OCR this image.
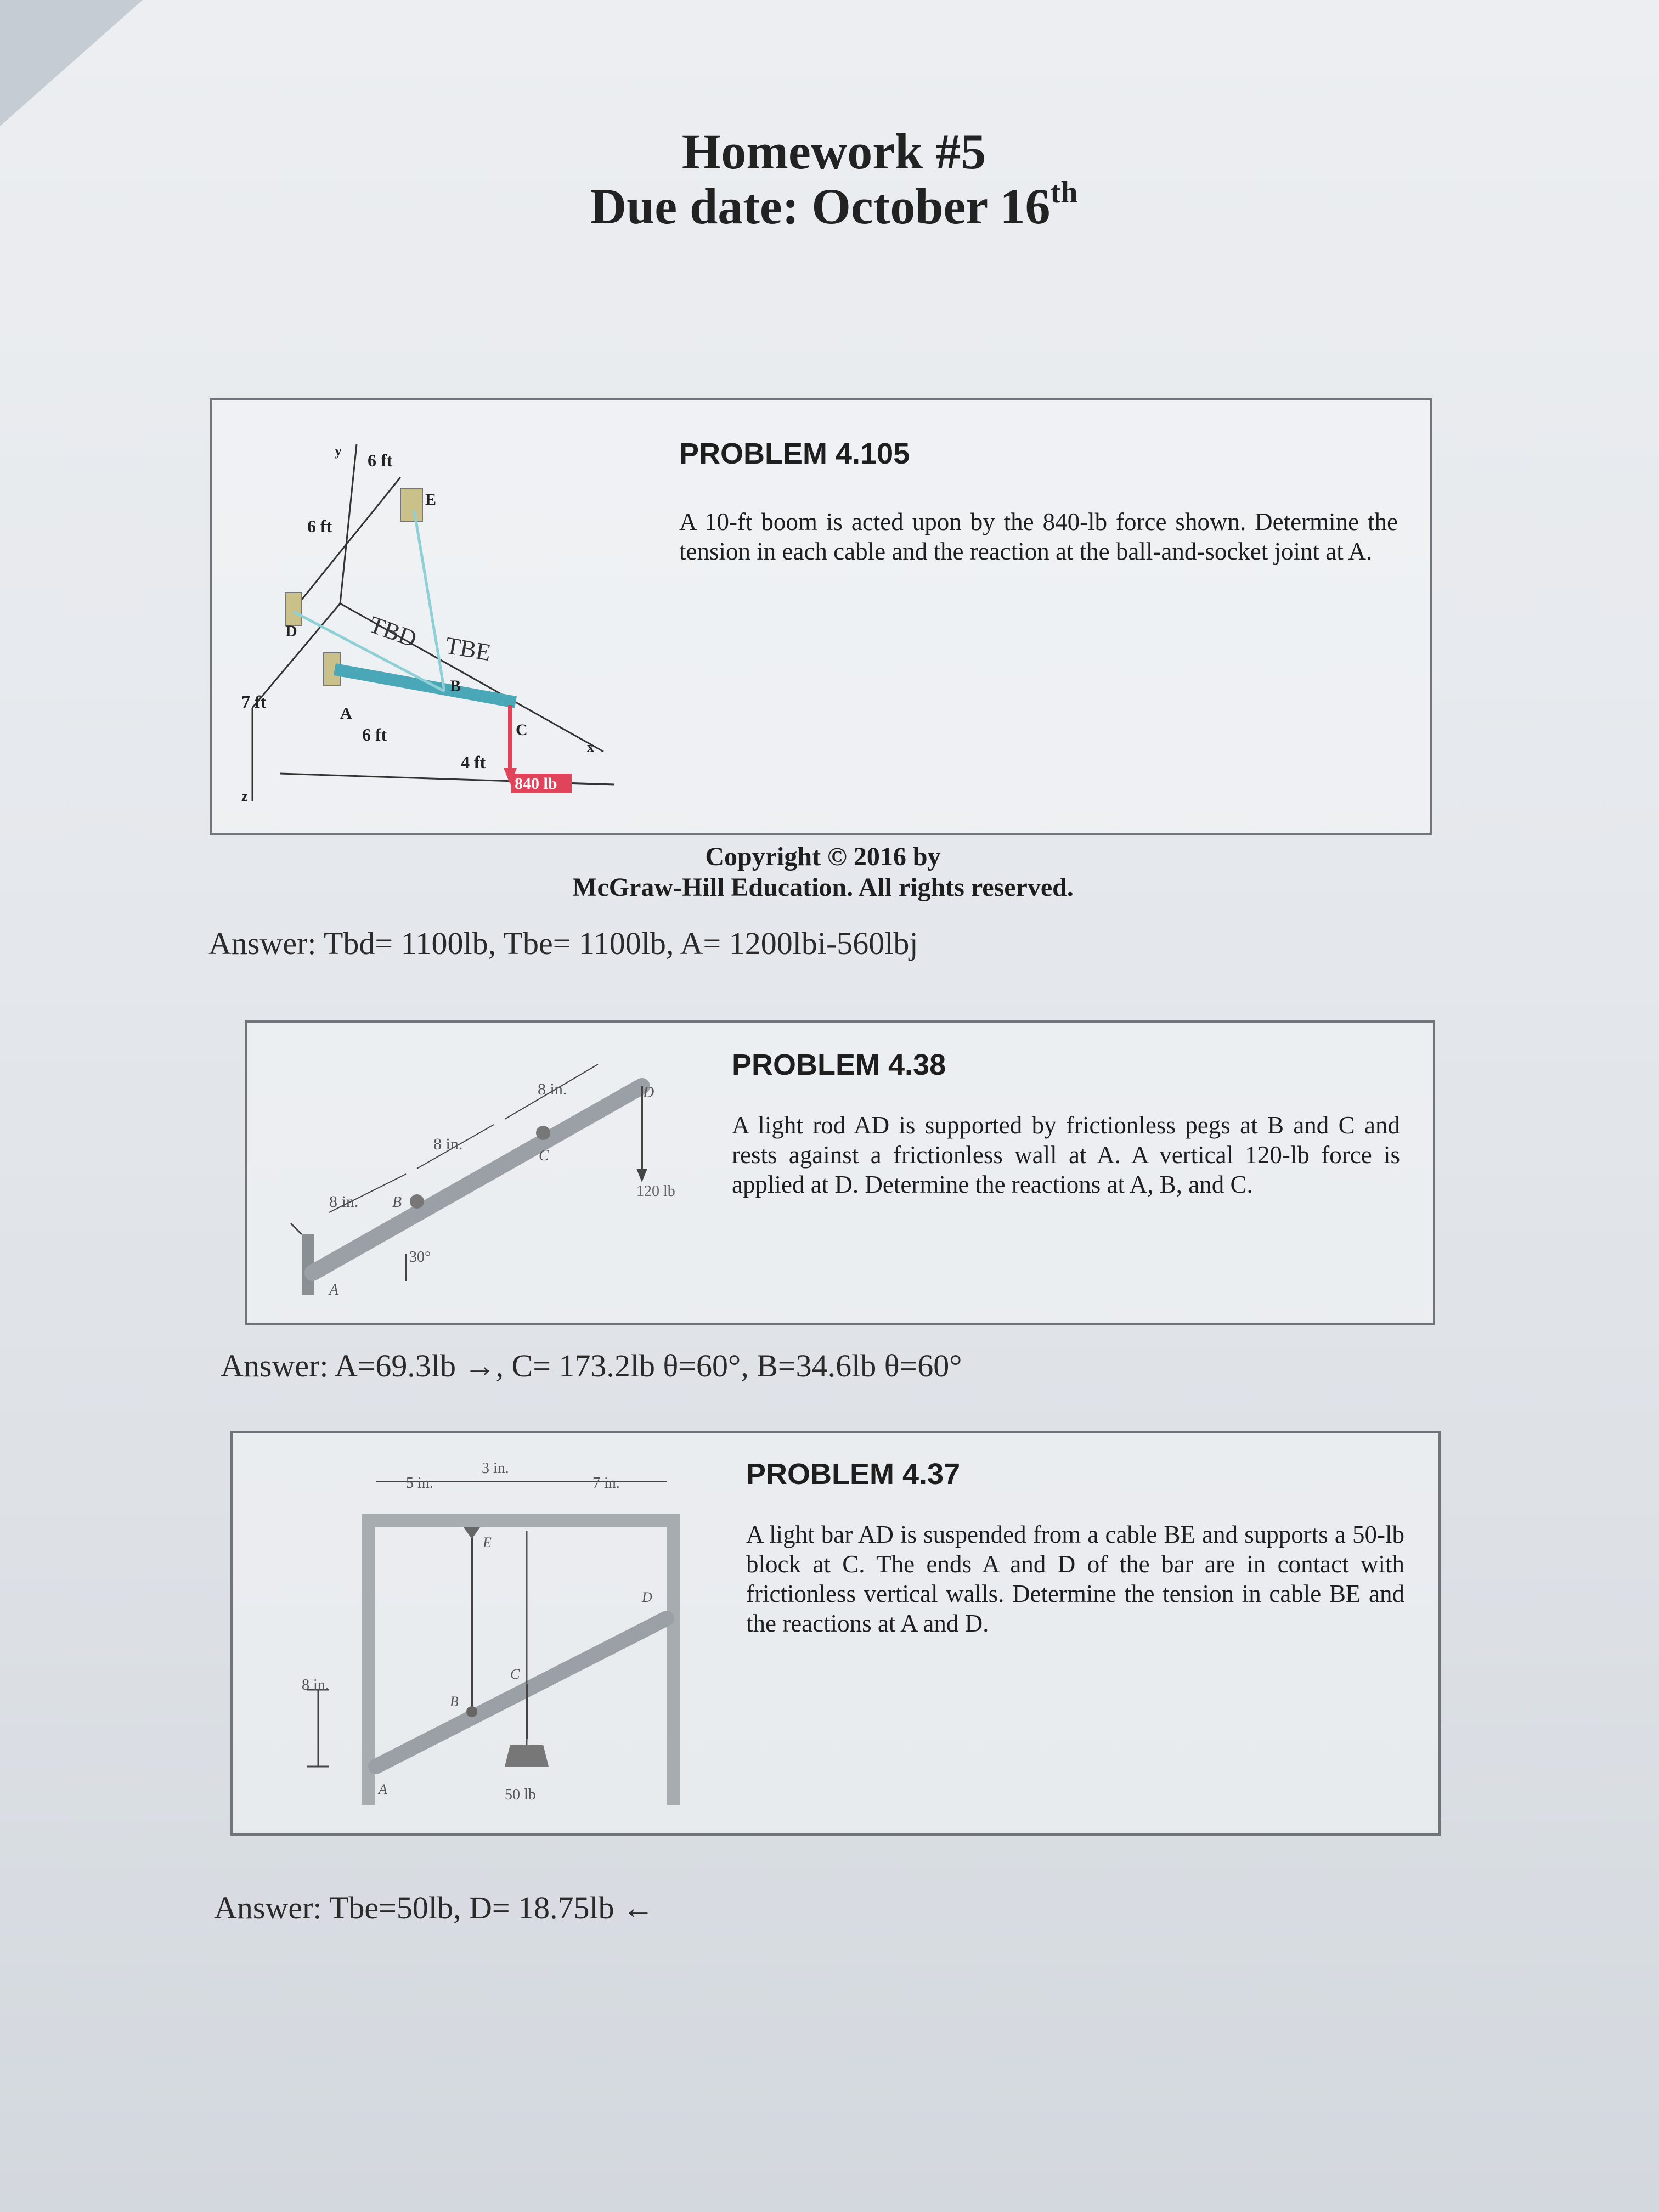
Homework #5
Due date: October 16th
840 lb
6 ft
6 ft
7 ft
6 ft
4 ft
y
z
x
A
B
C
D
E
TBD TBE
PROBLEM 4.105
A 10-ft boom is acted upon by the 840-lb force shown. Determine the tension in each cable and the reaction at the ball-and-socket joint at A.
Copyright © 2016 by
McGraw-Hill Education. All rights reserved.
Answer: Tbd= 1100lb, Tbe= 1100lb, A= 1200lbi-560lbj
8 in.
8 in.
8 in.
30°
120 lb
A
B
C
D
PROBLEM 4.38
A light rod AD is supported by frictionless pegs at B and C and rests against a frictionless wall at A. A vertical 120-lb force is applied at D. Determine the reactions at A, B, and C.
Answer: A=69.3lb →, C= 173.2lb θ=60°, B=34.6lb θ=60°
5 in.
3 in.
7 in.
8 in.
50 lb
A
B
C
D
E
PROBLEM 4.37
A light bar AD is suspended from a cable BE and supports a 50-lb block at C. The ends A and D of the bar are in contact with frictionless vertical walls. Determine the tension in cable BE and the reactions at A and D.
Answer: Tbe=50lb, D= 18.75lb ←
